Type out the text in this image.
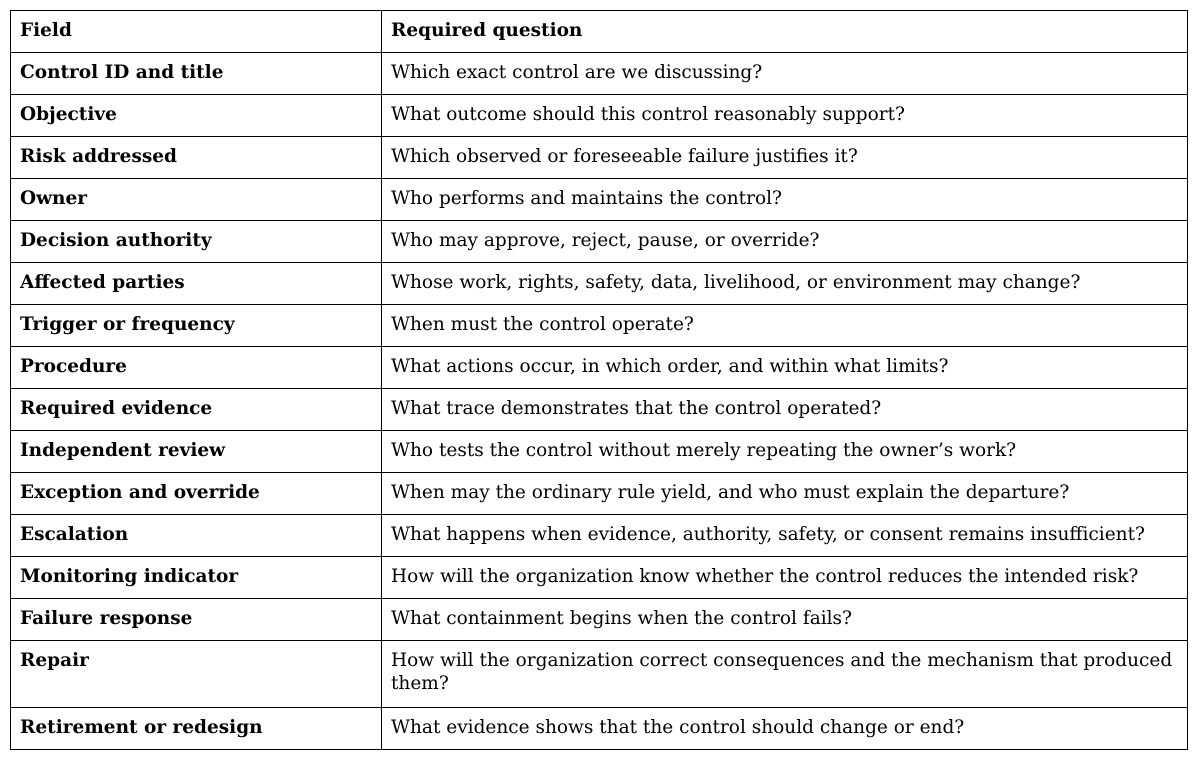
Field	Required question
Control ID and title	Which exact control are we discussing?
Objective	What outcome should this control reasonably support?
Risk addressed	Which observed or foreseeable failure justifies it?
Owner	Who performs and maintains the control?
Decision authority	Who may approve, reject, pause, or override?
Affected parties	Whose work, rights, safety, data, livelihood, or environment may change?
Trigger or frequency	When must the control operate?
Procedure	What actions occur, in which order, and within what limits?
Required evidence	What trace demonstrates that the control operated?
Independent review	Who tests the control without merely repeating the owner’s work?
Exception and override	When may the ordinary rule yield, and who must explain the departure?
Escalation	What happens when evidence, authority, safety, or consent remains insufficient?
Monitoring indicator	How will the organization know whether the control reduces the intended risk?
Failure response	What containment begins when the control fails?
Repair	How will the organization correct consequences and the mechanism that produced them?
Retirement or redesign	What evidence shows that the control should change or end?
